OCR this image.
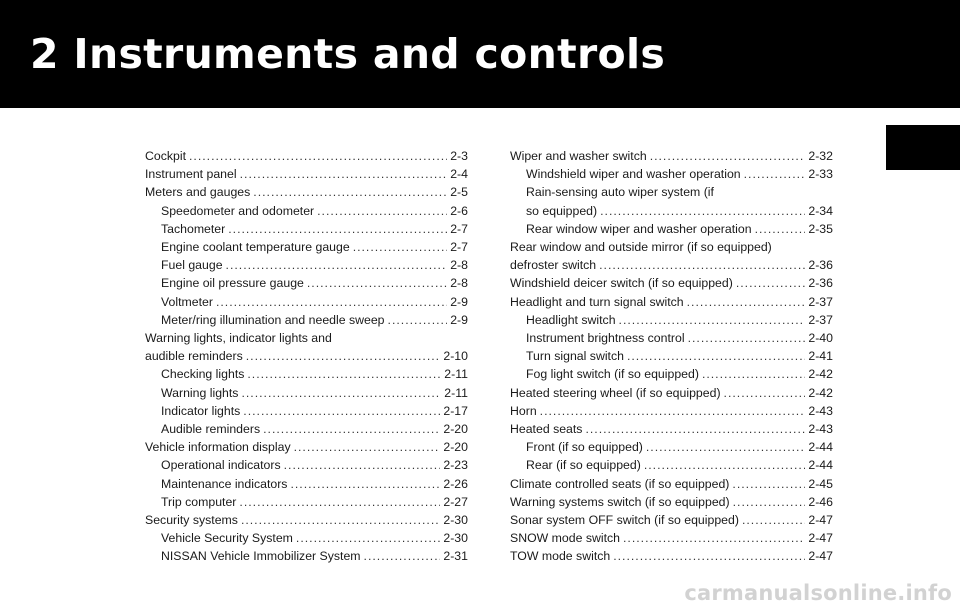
2 Instruments and controls
Cockpit .....	2-3
Instrument panel .....	2-4
Meters and gauges .....	2-5
Speedometer and odometer .....	2-6
Tachometer .....	2-7
Engine coolant temperature gauge .....	2-7
Fuel gauge .....	2-8
Engine oil pressure gauge .....	2-8
Voltmeter .....	2-9
Meter/ring illumination and needle sweep .....	2-9
Warning lights, indicator lights and
audible reminders .....	2-10
Checking lights .....	2-11
Warning lights .....	2-11
Indicator lights .....	2-17
Audible reminders .....	2-20
Vehicle information display .....	2-20
Operational indicators .....	2-23
Maintenance indicators .....	2-26
Trip computer .....	2-27
Security systems .....	2-30
Vehicle Security System .....	2-30
NISSAN Vehicle Immobilizer System .....	2-31
Wiper and washer switch .....	2-32
Windshield wiper and washer operation .....	2-33
Rain-sensing auto wiper system (if
so equipped) .....	2-34
Rear window wiper and washer operation .....	2-35
Rear window and outside mirror (if so equipped)
defroster switch .....	2-36
Windshield deicer switch (if so equipped) .....	2-36
Headlight and turn signal switch .....	2-37
Headlight switch .....	2-37
Instrument brightness control .....	2-40
Turn signal switch .....	2-41
Fog light switch (if so equipped) .....	2-42
Heated steering wheel (if so equipped) .....	2-42
Horn .....	2-43
Heated seats .....	2-43
Front (if so equipped) .....	2-44
Rear (if so equipped) .....	2-44
Climate controlled seats (if so equipped) .....	2-45
Warning systems switch (if so equipped) .....	2-46
Sonar system OFF switch (if so equipped) .....	2-47
SNOW mode switch .....	2-47
TOW mode switch .....	2-47

carmanualsonline.info
